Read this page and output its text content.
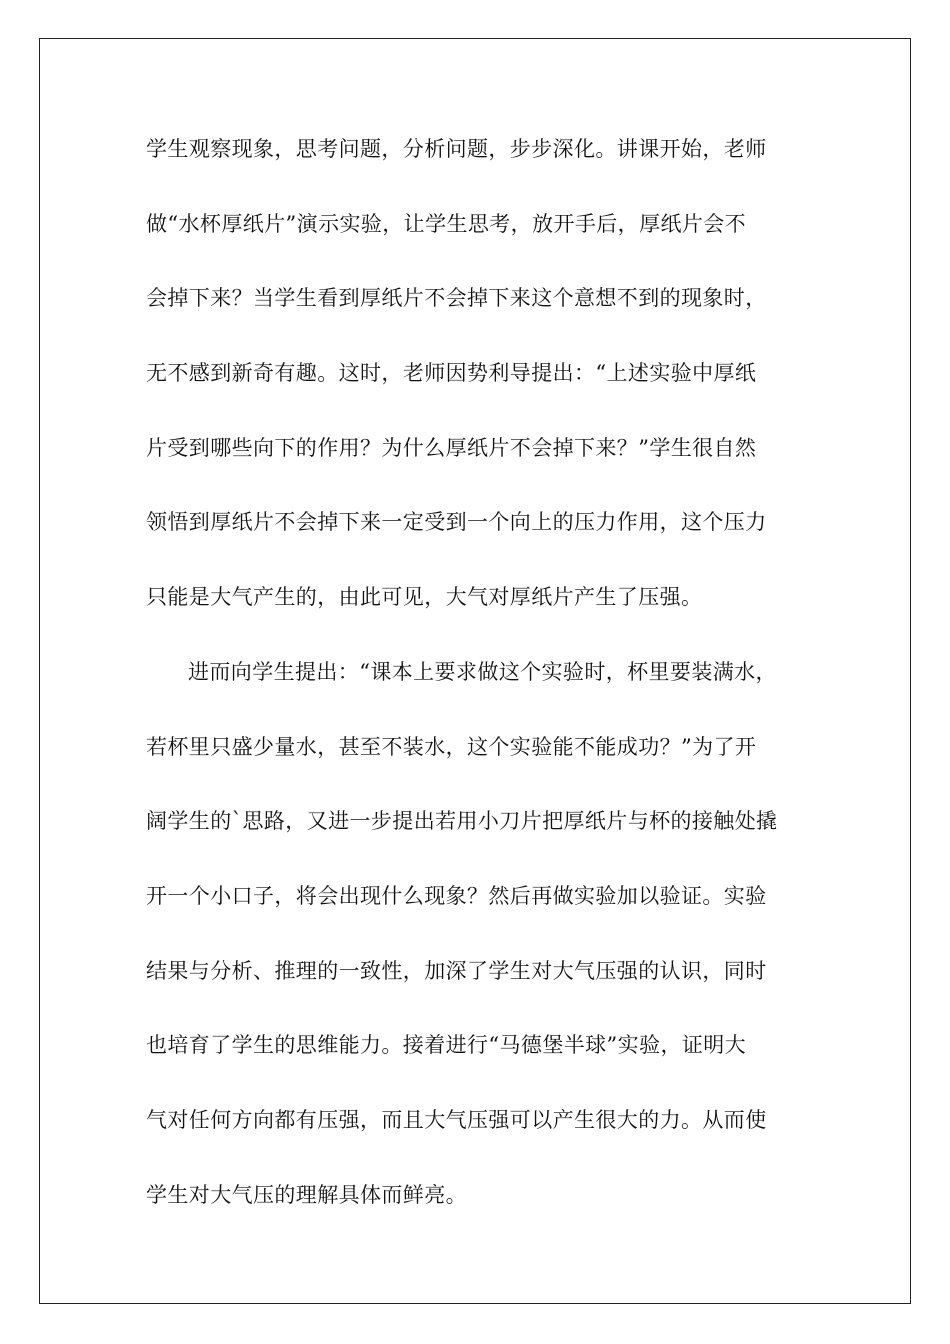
学生观察现象，思考问题，分析问题，步步深化。讲课开始，老师
做“水杯厚纸片”演示实验，让学生思考，放开手后，厚纸片会不
会掉下来？当学生看到厚纸片不会掉下来这个意想不到的现象时，
无不感到新奇有趣。这时，老师因势利导提出：“上述实验中厚纸
片受到哪些向下的作用？为什么厚纸片不会掉下来？”学生很自然
领悟到厚纸片不会掉下来一定受到一个向上的压力作用，这个压力
只能是大气产生的，由此可见，大气对厚纸片产生了压强。
进而向学生提出：“课本上要求做这个实验时，杯里要装满水，
若杯里只盛少量水，甚至不装水，这个实验能不能成功？”为了开
阔学生的`思路，又进一步提出若用小刀片把厚纸片与杯的接触处撬
开一个小口子，将会出现什么现象？然后再做实验加以验证。实验
结果与分析、推理的一致性，加深了学生对大气压强的认识，同时
也培育了学生的思维能力。接着进行“马德堡半球”实验，证明大
气对任何方向都有压强，而且大气压强可以产生很大的力。从而使
学生对大气压的理解具体而鲜亮。
